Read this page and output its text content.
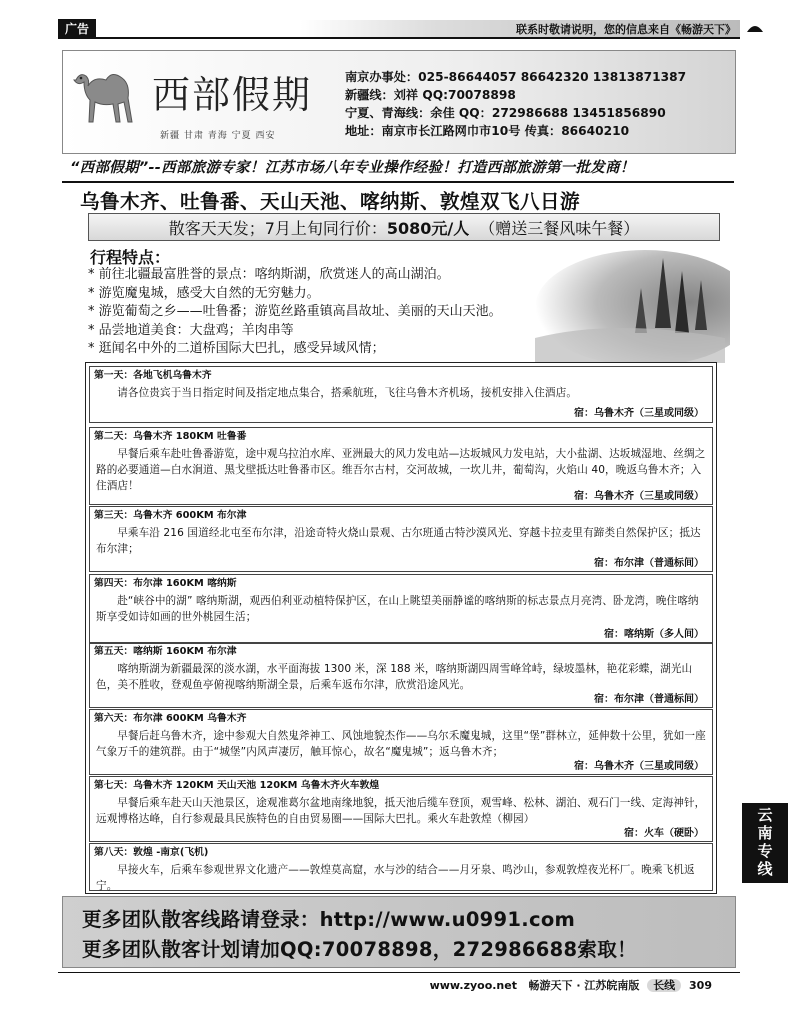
广告	联系时敬请说明，您的信息来自《畅游天下》
西部假期
新疆 甘肃 青海 宁夏 西安
南京办事处：025-86644057 86642320 13813871387
新疆线：刘祥 QQ:70078898
宁夏、青海线：余佳 QQ：272986688 13451856890
地址：南京市长江路网巾市10号 传真：86640210
“西部假期”--西部旅游专家！江苏市场八年专业操作经验！打造西部旅游第一批发商！
乌鲁木齐、吐鲁番、天山天池、喀纳斯、敦煌双飞八日游
散客天天发；7月上旬同行价： 5080元/人 （赠送三餐风味午餐）
行程特点：
* 前往北疆最富胜誉的景点：喀纳斯湖，欣赏迷人的高山湖泊。
* 游览魔鬼城，感受大自然的无穷魅力。
* 游览葡萄之乡——吐鲁番；游览丝路重镇高昌故址、美丽的天山天池。
* 品尝地道美食：大盘鸡；羊肉串等
* 逛闻名中外的二道桥国际大巴扎，感受异域风情；
第一天：各地飞机乌鲁木齐
请各位贵宾于当日指定时间及指定地点集合，搭乘航班，飞往乌鲁木齐机场，接机安排入住酒店。
宿：乌鲁木齐（三星或同级）
第二天：乌鲁木齐 180KM 吐鲁番
早餐后乘车赴吐鲁番游览，途中观乌拉泊水库、亚洲最大的风力发电站—达坂城风力发电站，大小盐湖、达坂城湿地、丝绸之路的必要通道—白水涧道、黑戈壁抵达吐鲁番市区。维吾尔古村，交河故城，一坎儿井，葡萄沟，火焰山 40，晚返乌鲁木齐；入住酒店！
宿：乌鲁木齐（三星或同级）
第三天：乌鲁木齐 600KM 布尔津
早乘车沿 216 国道经北屯至布尔津，沿途奇特火烧山景观、古尔班通古特沙漠风光、穿越卡拉麦里有蹄类自然保护区；抵达布尔津；
宿：布尔津（普通标间）
第四天：布尔津 160KM 喀纳斯
赴“峡谷中的湖” 喀纳斯湖，观西伯利亚动植特保护区，在山上眺望美丽静谧的喀纳斯的标志景点月亮湾、卧龙湾，晚住喀纳斯享受如诗如画的世外桃园生活；
宿：喀纳斯（多人间）
第五天：喀纳斯 160KM 布尔津
喀纳斯湖为新疆最深的淡水湖，水平面海拔 1300 米，深 188 米，喀纳斯湖四周雪峰耸峙，绿坡墨林，艳花彩蝶，湖光山色，美不胜收，登观鱼亭俯视喀纳斯湖全景，后乘车返布尔津，欣赏沿途风光。
宿：布尔津（普通标间）
第六天：布尔津 600KM 乌鲁木齐
早餐后赶乌鲁木齐，途中参观大自然鬼斧神工、风蚀地貌杰作——乌尔禾魔鬼城，这里“堡”群林立，延伸数十公里，犹如一座气象万千的建筑群。由于“城堡”内风声凄厉，触耳惊心，故名“魔鬼城”；返乌鲁木齐；
宿：乌鲁木齐（三星或同级）
第七天：乌鲁木齐 120KM 天山天池 120KM 乌鲁木齐火车敦煌
早餐后乘车赴天山天池景区，途观准葛尔盆地南缘地貌，抵天池后缆车登顶，观雪峰、松林、湖泊、观石门一线、定海神针，远观博格达峰，自行参观最具民族特色的自由贸易圈——国际大巴扎。乘火车赴敦煌（柳园）
宿：火车（硬卧）
第八天：敦煌 -南京(飞机)
早接火车，后乘车参观世界文化遗产——敦煌莫高窟，水与沙的结合——月牙泉、鸣沙山，参观敦煌夜光杯厂。晚乘飞机返宁。
更多团队散客线路请登录：http://www.u0991.com
更多团队散客计划请加QQ:70078898，272986688索取！
云南专线
www.zyoo.net 畅游天下 · 江苏皖南版 长线 309
